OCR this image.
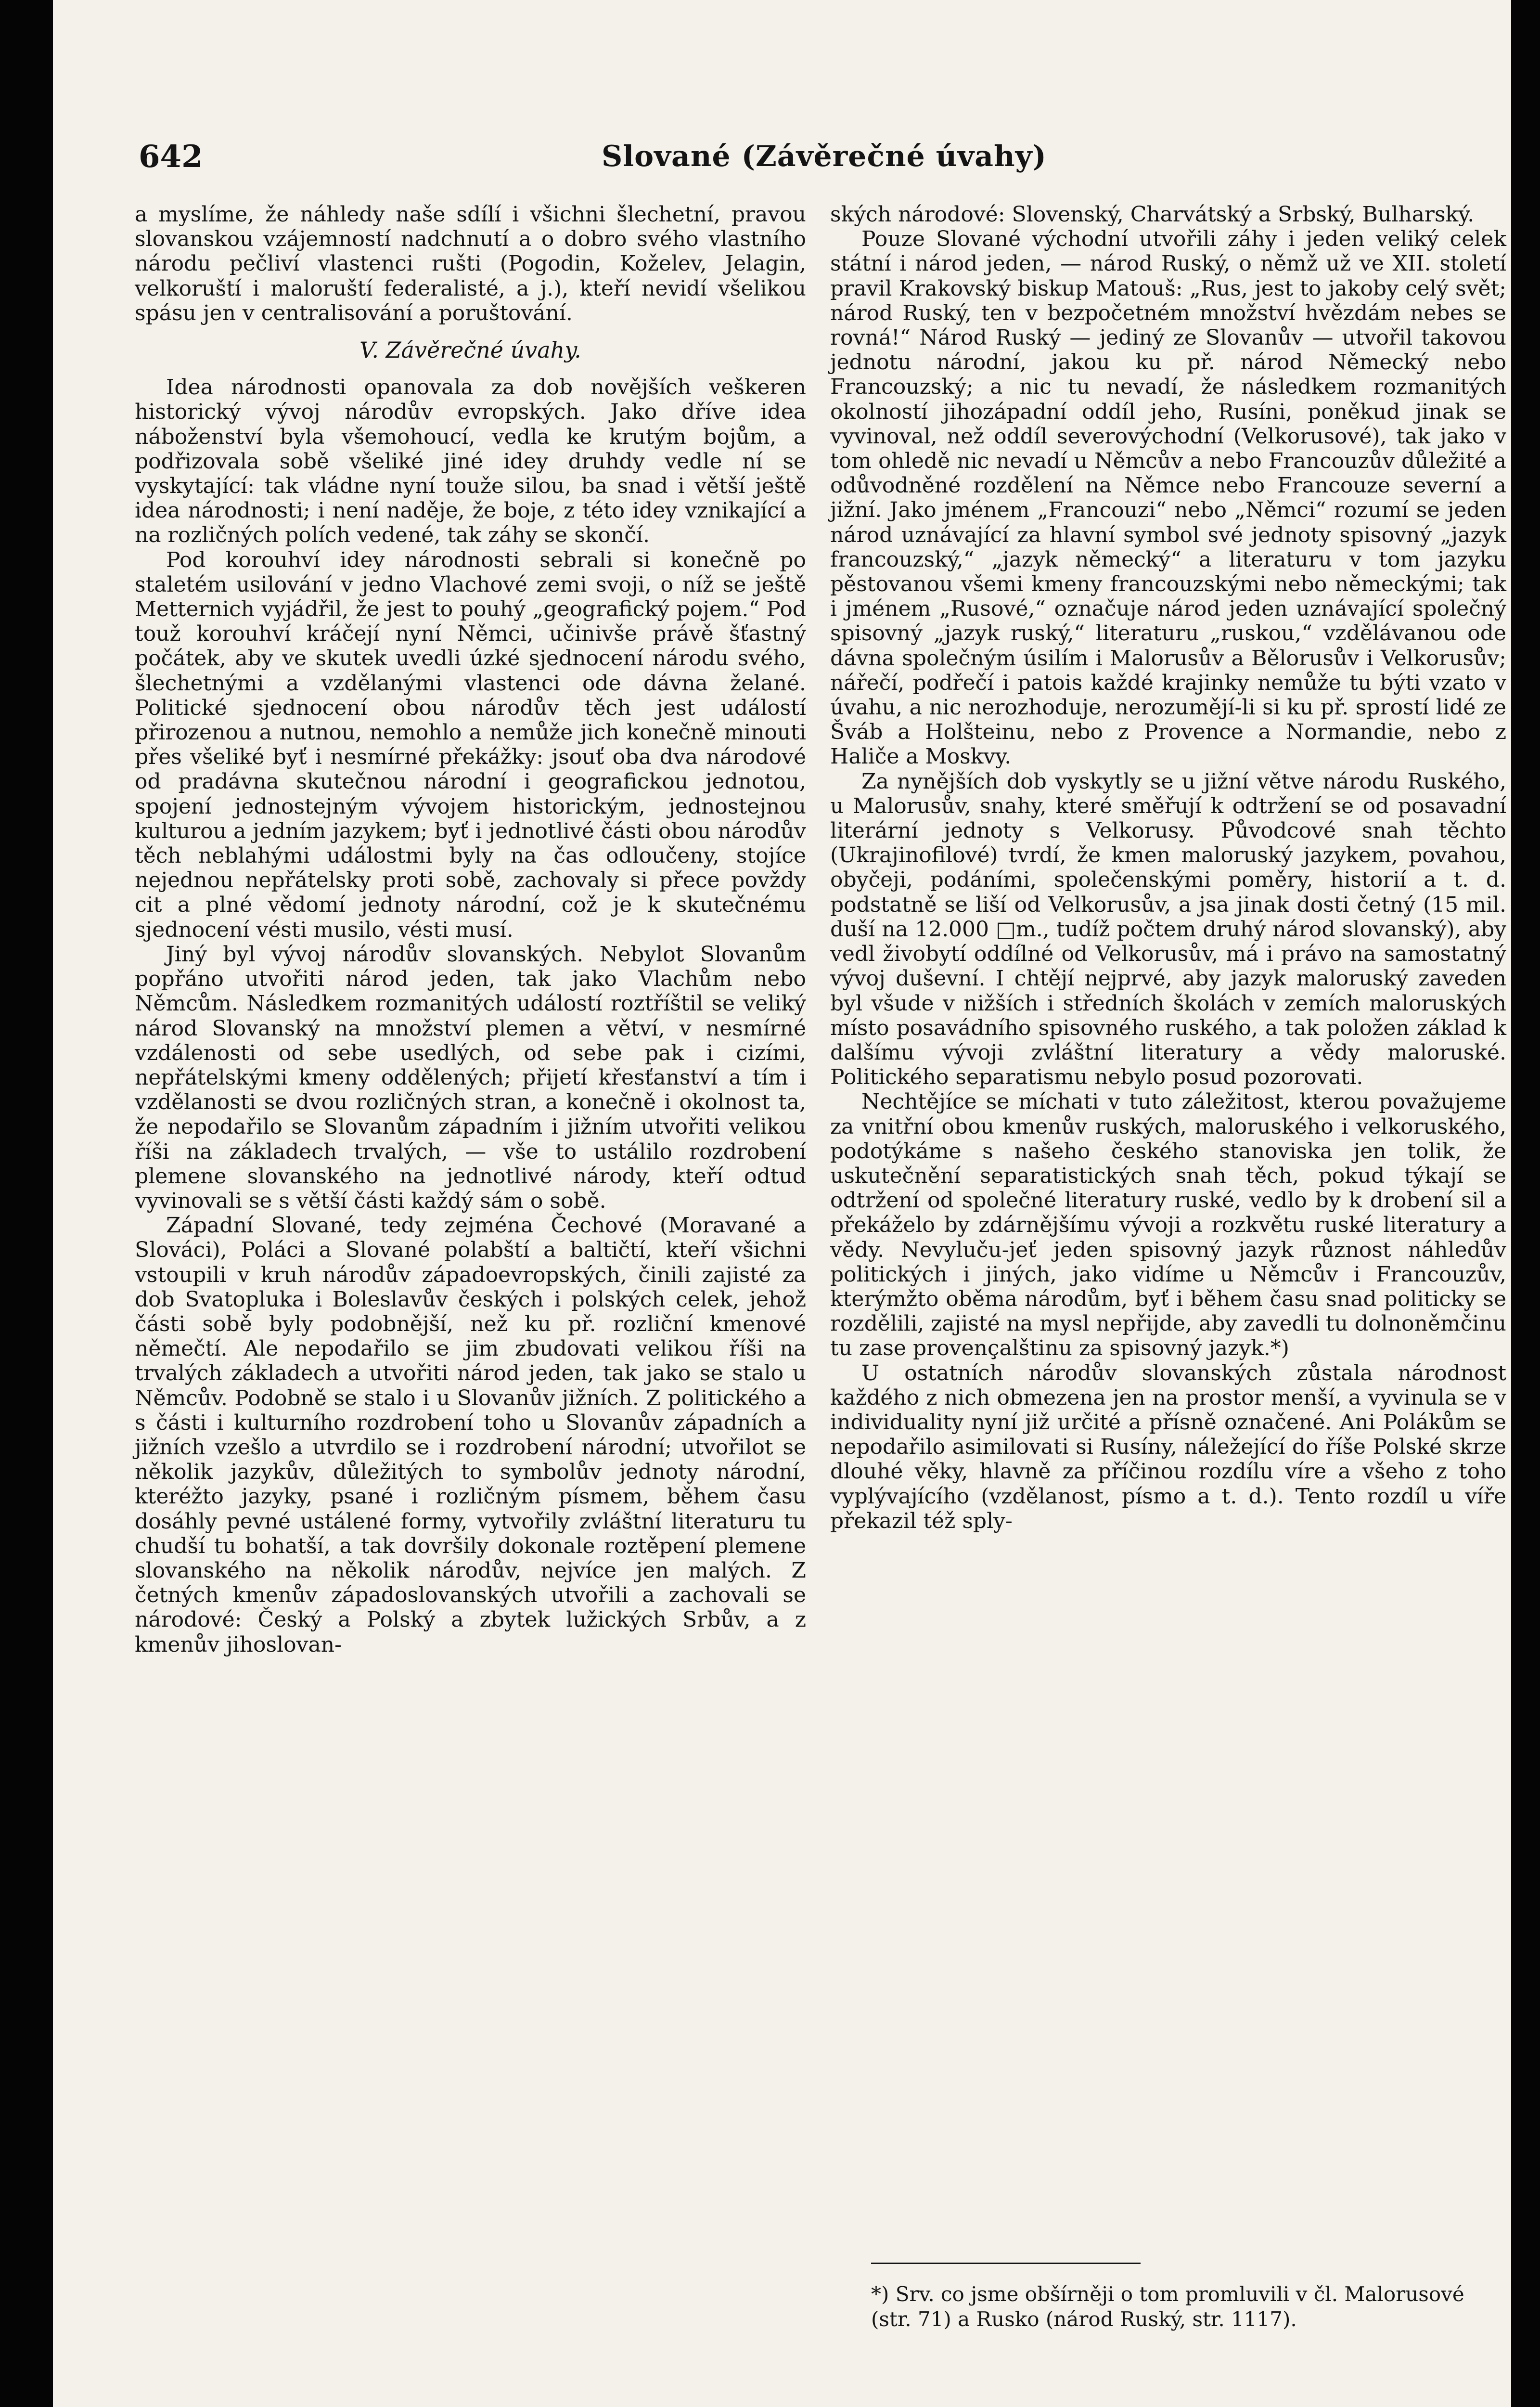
642	Slované (Závěrečné úvahy)

a myslíme, že náhledy naše sdílí i všichni šlechetní, pravou slovanskou vzájemností nadchnutí a o dobro svého vlastního národu pečliví vlastenci rušti (Pogodin, Koželev, Jelagin, velkoruští i maloruští federalisté, a j.), kteří nevidí všelikou spásu jen v centralisování a poruštování.

V. Závěrečné úvahy.

Idea národnosti opanovala za dob novějších veškeren historický vývoj národův evropských. Jako dříve idea náboženství byla všemohoucí, vedla ke krutým bojům, a podřizovala sobě všeliké jiné idey druhdy vedle ní se vyskytající: tak vládne nyní touže silou, ba snad i větší ještě idea národnosti; i není naděje, že boje, z této idey vznikající a na rozličných polích vedené, tak záhy se skončí.

Pod korouhví idey národnosti sebrali si konečně po staletém usilování v jedno Vlachové zemi svoji, o níž se ještě Metternich vyjádřil, že jest to pouhý „geografický pojem.“ Pod touž korouhví kráčejí nyní Němci, učinivše právě šťastný počátek, aby ve skutek uvedli úzké sjednocení národu svého, šlechetnými a vzdělanými vlastenci ode dávna želané. Politické sjednocení obou národův těch jest událostí přirozenou a nutnou, nemohlo a nemůže jich konečně minouti přes všeliké byť i nesmírné překážky: jsouť oba dva národové od pradávna skutečnou národní i geografickou jednotou, spojení jednostejným vývojem historickým, jednostejnou kulturou a jedním jazykem; byť i jednotlivé části obou národův těch neblahými událostmi byly na čas odloučeny, stojíce nejednou nepřátelsky proti sobě, zachovaly si přece povždy cit a plné vědomí jednoty národní, což je k skutečnému sjednocení vésti musilo, vésti musí.

Jiný byl vývoj národův slovanských. Nebylot Slovanům popřáno utvořiti národ jeden, tak jako Vlachům nebo Němcům. Následkem rozmanitých událostí roztříštil se veliký národ Slovanský na množství plemen a větví, v nesmírné vzdálenosti od sebe usedlých, od sebe pak i cizími, nepřátelskými kmeny oddělených; přijetí křesťanství a tím i vzdělanosti se dvou rozličných stran, a konečně i okolnost ta, že nepodařilo se Slovanům západním i jižním utvořiti velikou říši na základech trvalých, — vše to ustálilo rozdrobení plemene slovanského na jednotlivé národy, kteří odtud vyvinovali se s větší části každý sám o sobě.

Západní Slované, tedy zejména Čechové (Moravané a Slováci), Poláci a Slované polabští a baltičtí, kteří všichni vstoupili v kruh národův západoevropských, činili zajisté za dob Svatopluka i Boleslavův českých i polských celek, jehož části sobě byly podobnější, než ku př. rozliční kmenové němečtí. Ale nepodařilo se jim zbudovati velikou říši na trvalých základech a utvořiti národ jeden, tak jako se stalo u Němcův. Podobně se stalo i u Slovanův jižních. Z politického a s části i kulturního rozdrobení toho u Slovanův západních a jižních vzešlo a utvrdilo se i rozdrobení národní; utvořilot se několik jazykův, důležitých to symbolův jednoty národní, kteréžto jazyky, psané i rozličným písmem, během času dosáhly pevné ustálené formy, vytvořily zvláštní literaturu tu chudší tu bohatší, a tak dovršily dokonale roztěpení plemene slovanského na několik národův, nejvíce jen malých. Z četných kmenův západoslovanských utvořili a zachovali se národové: Český a Polský a zbytek lužických Srbův, a z kmenův jihoslovan-

ských národové: Slovenský, Charvátský a Srbský, Bulharský.

Pouze Slované východní utvořili záhy i jeden veliký celek státní i národ jeden, — národ Ruský, o němž už ve XII. století pravil Krakovský biskup Matouš: „Rus, jest to jakoby celý svět; národ Ruský, ten v bezpočetném množství hvězdám nebes se rovná!“ Národ Ruský — jediný ze Slovanův — utvořil takovou jednotu národní, jakou ku př. národ Německý nebo Francouzský; a nic tu nevadí, že následkem rozmanitých okolností jihozápadní oddíl jeho, Rusíni, poněkud jinak se vyvinoval, než oddíl severovýchodní (Velkorusové), tak jako v tom ohledě nic nevadí u Němcův a nebo Francouzův důležité a odůvodněné rozdělení na Němce nebo Francouze severní a jižní. Jako jménem „Francouzi“ nebo „Němci“ rozumí se jeden národ uznávající za hlavní symbol své jednoty spisovný „jazyk francouzský,“ „jazyk německý“ a literaturu v tom jazyku pěstovanou všemi kmeny francouzskými nebo německými; tak i jménem „Rusové,“ označuje národ jeden uznávající společný spisovný „jazyk ruský,“ literaturu „ruskou,“ vzdělávanou ode dávna společným úsilím i Malorusův a Bělorusův i Velkorusův; nářečí, podřečí i patois každé krajinky nemůže tu býti vzato v úvahu, a nic nerozhoduje, nerozumějí-li si ku př. sprostí lidé ze Šváb a Holšteinu, nebo z Provence a Normandie, nebo z Haliče a Moskvy.

Za nynějších dob vyskytly se u jižní větve národu Ruského, u Malorusův, snahy, které směřují k odtržení se od posavadní literární jednoty s Velkorusy. Původcové snah těchto (Ukrajinofilové) tvrdí, že kmen maloruský jazykem, povahou, obyčeji, podáními, společenskými poměry, historií a t. d. podstatně se liší od Velkorusův, a jsa jinak dosti četný (15 mil. duší na 12.000 □m., tudíž počtem druhý národ slovanský), aby vedl živobytí oddílné od Velkorusův, má i právo na samostatný vývoj duševní. I chtějí nejprvé, aby jazyk maloruský zaveden byl všude v nižších i středních školách v zemích maloruských místo posavádního spisovného ruského, a tak položen základ k dalšímu vývoji zvláštní literatury a vědy maloruské. Politického separatismu nebylo posud pozorovati.

Nechtějíce se míchati v tuto záležitost, kterou považujeme za vnitřní obou kmenův ruských, maloruského i velkoruského, podotýkáme s našeho českého stanoviska jen tolik, že uskutečnění separatistických snah těch, pokud týkají se odtržení od společné literatury ruské, vedlo by k drobení sil a překáželo by zdárnějšímu vývoji a rozkvětu ruské literatury a vědy. Nevyluču-jeť jeden spisovný jazyk různost náhledův politických i jiných, jako vidíme u Němcův i Francouzův, kterýmžto oběma národům, byť i během času snad politicky se rozdělili, zajisté na mysl nepřijde, aby zavedli tu dolnoněmčinu tu zase provençalštinu za spisovný jazyk.*)

U ostatních národův slovanských zůstala národnost každého z nich obmezena jen na prostor menší, a vyvinula se v individuality nyní již určité a přísně označené. Ani Polákům se nepodařilo asimilovati si Rusíny, náležející do říše Polské skrze dlouhé věky, hlavně za příčinou rozdílu víre a všeho z toho vyplývajícího (vzdělanost, písmo a t. d.). Tento rozdíl u víře překazil též sply-

*) Srv. co jsme obšírněji o tom promluvili v čl. Malorusové (str. 71) a Rusko (národ Ruský, str. 1117).
